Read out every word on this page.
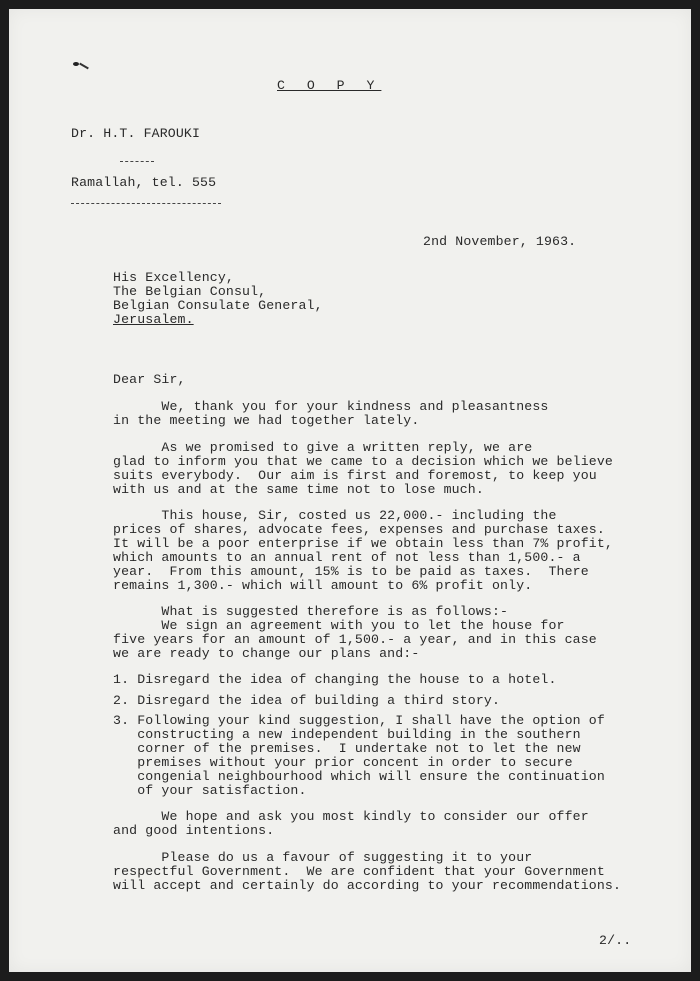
C O P Y
Dr. H.T. FAROUKI
Ramallah, tel. 555
2nd November, 1963.
His Excellency,
The Belgian Consul,
Belgian Consulate General,
Jerusalem.
Dear Sir,
We, thank you for your kindness and pleasantness
in the meeting we had together lately.
As we promised to give a written reply, we are
glad to inform you that we came to a decision which we believe
suits everybody.  Our aim is first and foremost, to keep you
with us and at the same time not to lose much.
This house, Sir, costed us 22,000.- including the
prices of shares, advocate fees, expenses and purchase taxes.
It will be a poor enterprise if we obtain less than 7% profit,
which amounts to an annual rent of not less than 1,500.- a
year.  From this amount, 15% is to be paid as taxes.  There
remains 1,300.- which will amount to 6% profit only.
What is suggested therefore is as follows:-
We sign an agreement with you to let the house for
five years for an amount of 1,500.- a year, and in this case
we are ready to change our plans and:-
1. Disregard the idea of changing the house to a hotel.
2. Disregard the idea of building a third story.
3. Following your kind suggestion, I shall have the option of
constructing a new independent building in the southern
corner of the premises.  I undertake not to let the new
premises without your prior concent in order to secure
congenial neighbourhood which will ensure the continuation
of your satisfaction.
We hope and ask you most kindly to consider our offer
and good intentions.
Please do us a favour of suggesting it to your
respectful Government.  We are confident that your Government
will accept and certainly do according to your recommendations.
2/..
